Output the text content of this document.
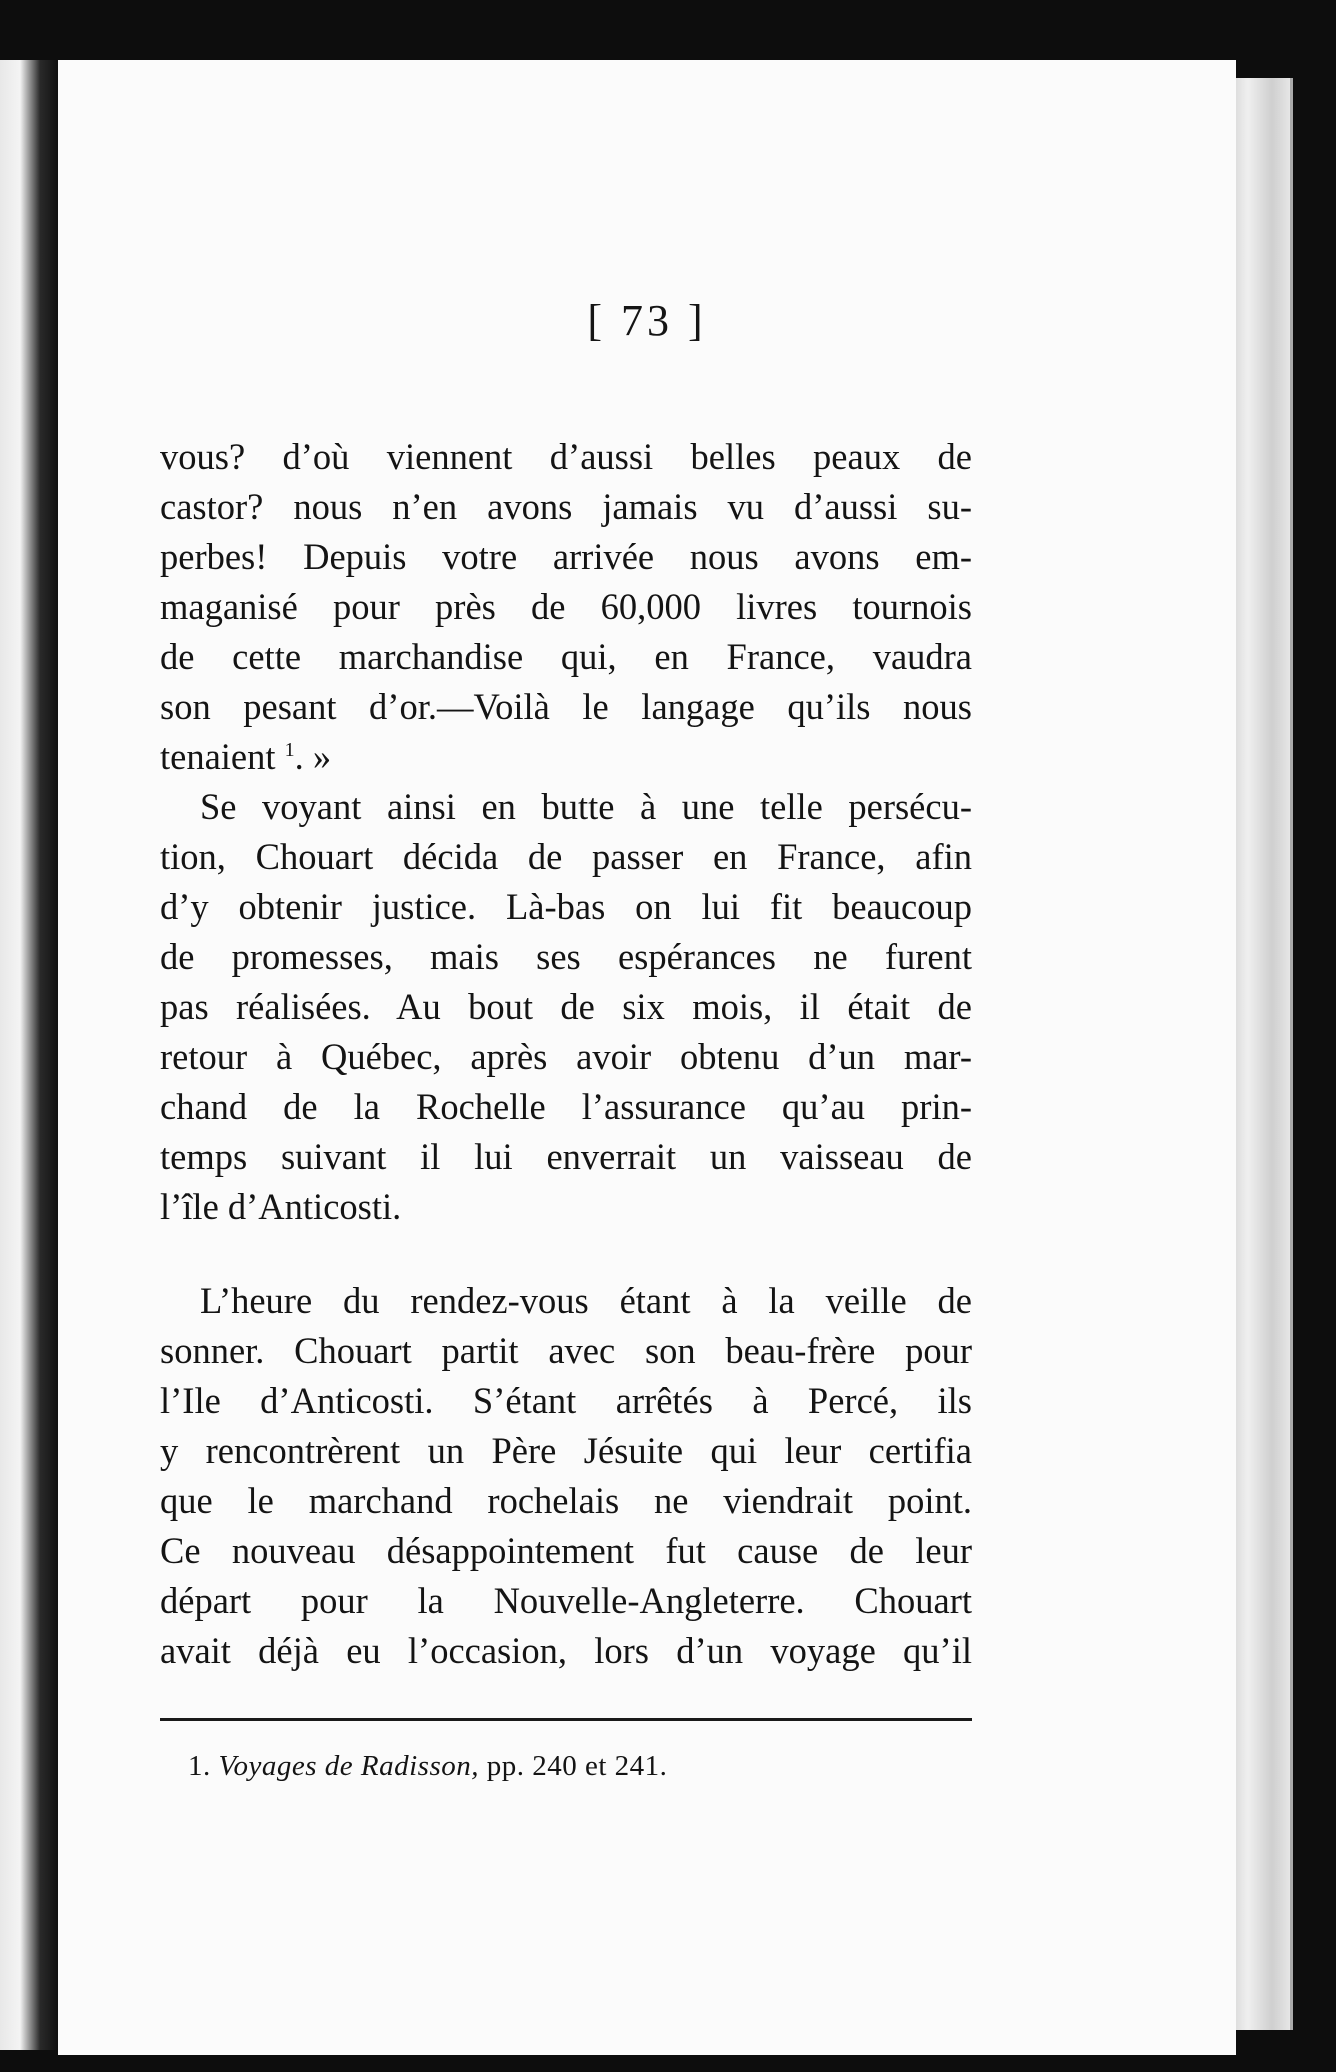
[ 73 ]
vous? d’où viennent d’aussi belles peaux de
castor? nous n’en avons jamais vu d’aussi su-
perbes! Depuis votre arrivée nous avons em-
maganisé pour près de 60,000 livres tournois
de cette marchandise qui, en France, vaudra
son pesant d’or.—Voilà le langage qu’ils nous
tenaient $^1$. »
Se voyant ainsi en butte à une telle persécu-
tion, Chouart décida de passer en France, afin
d’y obtenir justice. Là-bas on lui fit beaucoup
de promesses, mais ses espérances ne furent
pas réalisées. Au bout de six mois, il était de
retour à Québec, après avoir obtenu d’un mar-
chand de la Rochelle l’assurance qu’au prin-
temps suivant il lui enverrait un vaisseau de
l’île d’Anticosti.
L’heure du rendez-vous étant à la veille de
sonner. Chouart partit avec son beau-frère pour
l’Ile d’Anticosti. S’étant arrêtés à Percé, ils
y rencontrèrent un Père Jésuite qui leur certifia
que le marchand rochelais ne viendrait point.
Ce nouveau désappointement fut cause de leur
départ pour la Nouvelle-Angleterre. Chouart
avait déjà eu l’occasion, lors d’un voyage qu’il
1. Voyages de Radisson, pp. 240 et 241.
